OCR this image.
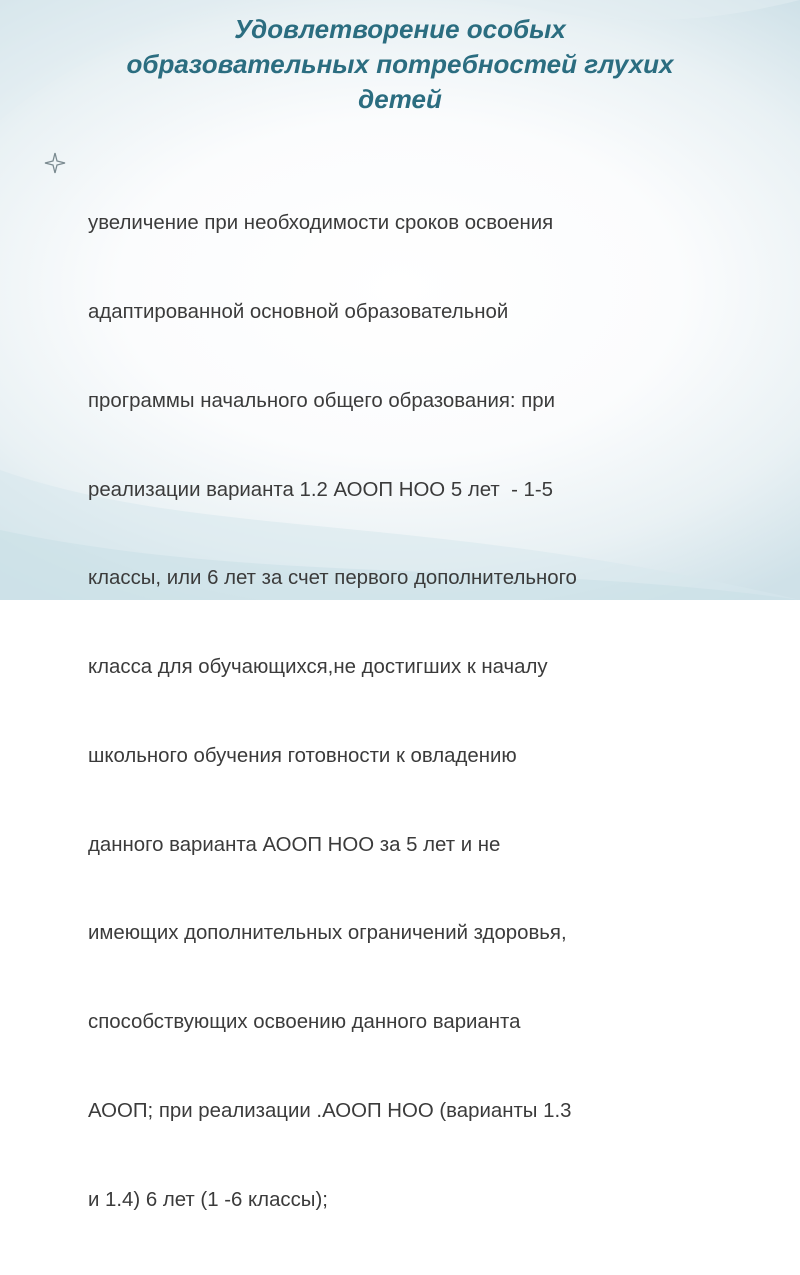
Удовлетворение особых
образовательных потребностей глухих
детей

увеличение при необходимости сроков освоения

адаптированной основной образовательной

программы начального общего образования: при

реализации варианта 1.2 АООП НОО 5 лет  - 1-5

классы, или 6 лет за счет первого дополнительного

класса для обучающихся,не достигших к началу

школьного обучения готовности к овладению

данного варианта АООП НОО за 5 лет и не

имеющих дополнительных ограничений здоровья,

способствующих освоению данного варианта

АООП; при реализации .АООП НОО (варианты 1.3

и 1.4) 6 лет (1 -6 классы);
